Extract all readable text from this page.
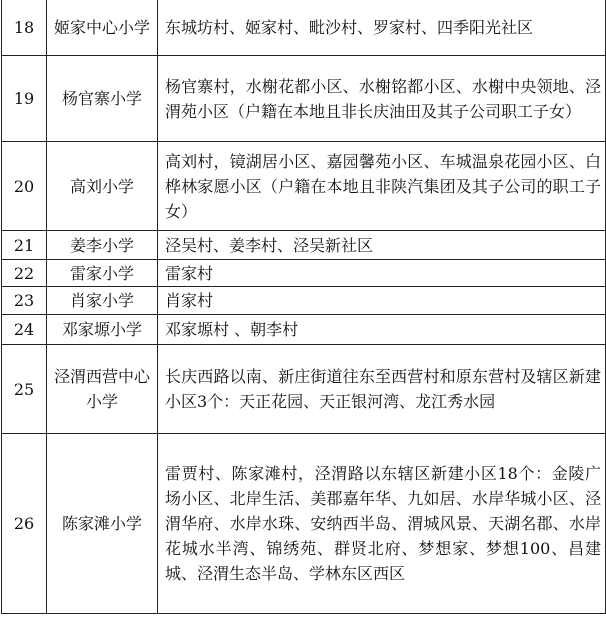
18	姬家中心小学	东城坊村、姬家村、毗沙村、罗家村、四季阳光社区
19	杨官寨小学	杨官寨村，水榭花都小区、水榭铭都小区、水榭中央领地、泾渭苑小区（户籍在本地且非长庆油田及其子公司职工子女）
20	高刘小学	高刘村，镜湖居小区、嘉园馨苑小区、车城温泉花园小区、白桦林家愿小区（户籍在本地且非陕汽集团及其子公司的职工子女）
21	姜李小学	泾吴村、姜李村、泾吴新社区
22	雷家小学	雷家村
23	肖家小学	肖家村
24	邓家塬小学	邓家塬村 、朝李村
25	泾渭西营中心小学	长庆西路以南、新庄街道往东至西营村和原东营村及辖区新建小区3个：天正花园、天正银河湾、龙江秀水园
26	陈家滩小学	雷贾村、陈家滩村，泾渭路以东辖区新建小区18个：金陵广场小区、北岸生活、美郡嘉年华、九如居、水岸华城小区、泾渭华府、水岸水珠、安纳西半岛、渭城风景、天湖名郡、水岸花城水半湾、锦绣苑、群贤北府、梦想家、梦想100、昌建城、泾渭生态半岛、学林东区西区
